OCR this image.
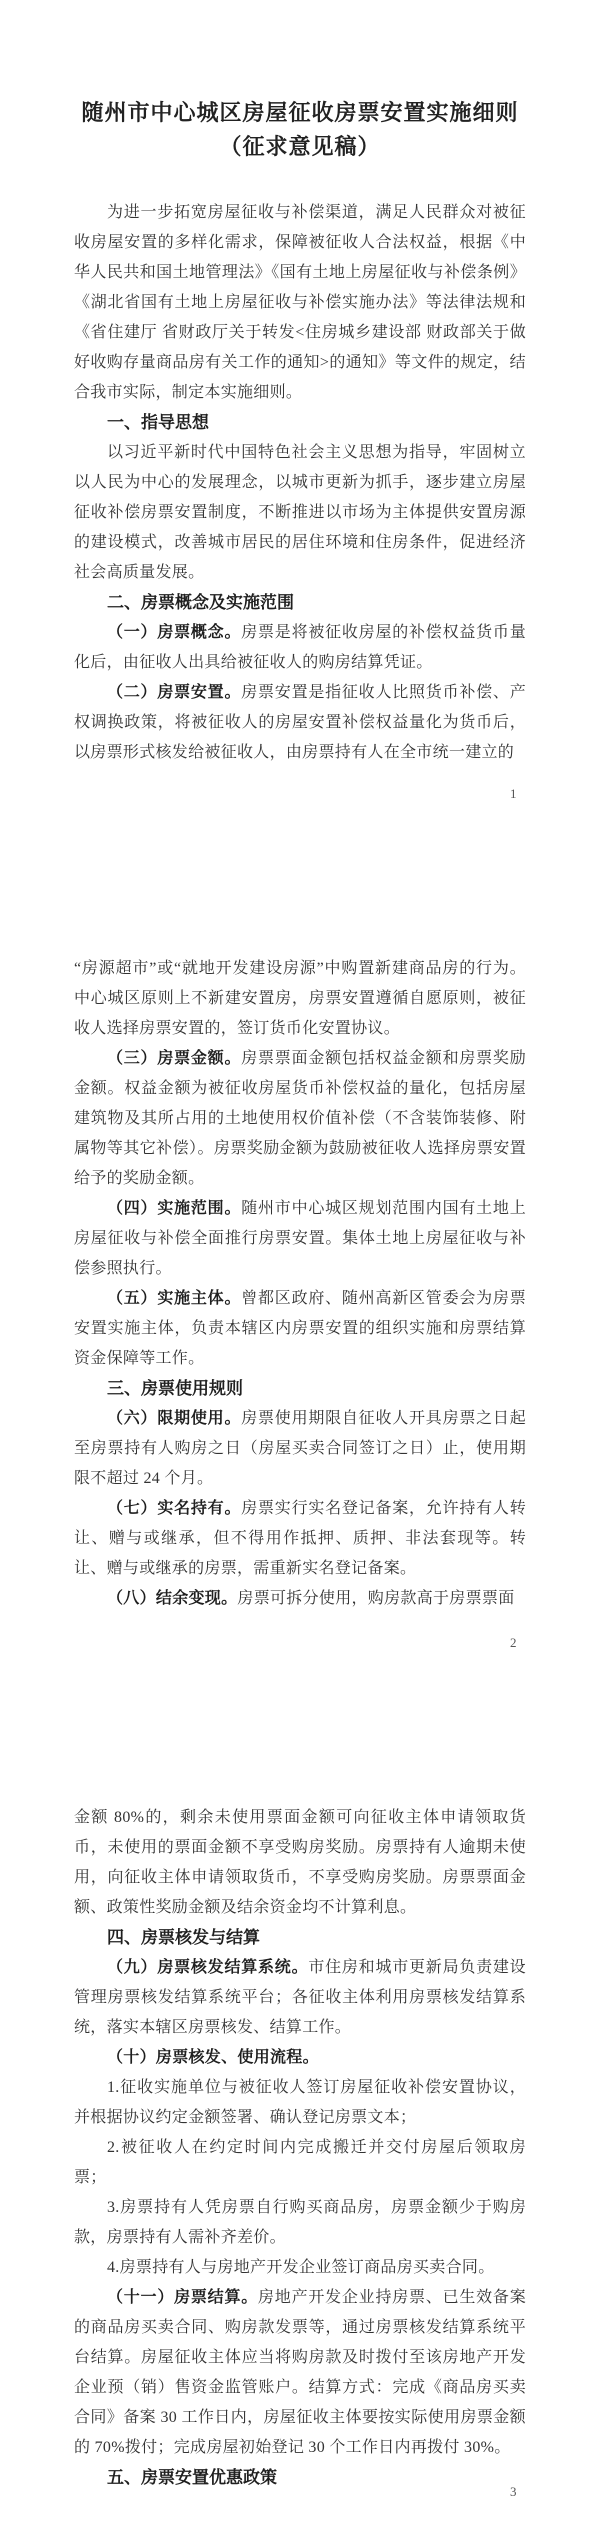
随州市中心城区房屋征收房票安置实施细则
（征求意见稿）

为进一步拓宽房屋征收与补偿渠道，满足人民群众对被征收房屋安置的多样化需求，保障被征收人合法权益，根据《中华人民共和国土地管理法》《国有土地上房屋征收与补偿条例》《湖北省国有土地上房屋征收与补偿实施办法》等法律法规和《省住建厅 省财政厅关于转发<住房城乡建设部 财政部关于做好收购存量商品房有关工作的通知>的通知》等文件的规定，结合我市实际，制定本实施细则。

一、指导思想

以习近平新时代中国特色社会主义思想为指导，牢固树立以人民为中心的发展理念，以城市更新为抓手，逐步建立房屋征收补偿房票安置制度，不断推进以市场为主体提供安置房源的建设模式，改善城市居民的居住环境和住房条件，促进经济社会高质量发展。

二、房票概念及实施范围

（一）房票概念。房票是将被征收房屋的补偿权益货币量化后，由征收人出具给被征收人的购房结算凭证。

（二）房票安置。房票安置是指征收人比照货币补偿、产权调换政策，将被征收人的房屋安置补偿权益量化为货币后，以房票形式核发给被征收人，由房票持有人在全市统一建立的

1

“房源超市”或“就地开发建设房源”中购置新建商品房的行为。中心城区原则上不新建安置房，房票安置遵循自愿原则，被征收人选择房票安置的，签订货币化安置协议。

（三）房票金额。房票票面金额包括权益金额和房票奖励金额。权益金额为被征收房屋货币补偿权益的量化，包括房屋建筑物及其所占用的土地使用权价值补偿（不含装饰装修、附属物等其它补偿）。房票奖励金额为鼓励被征收人选择房票安置给予的奖励金额。

（四）实施范围。随州市中心城区规划范围内国有土地上房屋征收与补偿全面推行房票安置。集体土地上房屋征收与补偿参照执行。

（五）实施主体。曾都区政府、随州高新区管委会为房票安置实施主体，负责本辖区内房票安置的组织实施和房票结算资金保障等工作。

三、房票使用规则

（六）限期使用。房票使用期限自征收人开具房票之日起至房票持有人购房之日（房屋买卖合同签订之日）止，使用期限不超过 24 个月。

（七）实名持有。房票实行实名登记备案，允许持有人转让、赠与或继承，但不得用作抵押、质押、非法套现等。转让、赠与或继承的房票，需重新实名登记备案。

（八）结余变现。房票可拆分使用，购房款高于房票票面

2

金额 80%的，剩余未使用票面金额可向征收主体申请领取货币，未使用的票面金额不享受购房奖励。房票持有人逾期未使用，向征收主体申请领取货币，不享受购房奖励。房票票面金额、政策性奖励金额及结余资金均不计算利息。

四、房票核发与结算

（九）房票核发结算系统。市住房和城市更新局负责建设管理房票核发结算系统平台；各征收主体利用房票核发结算系统，落实本辖区房票核发、结算工作。

（十）房票核发、使用流程。

1.征收实施单位与被征收人签订房屋征收补偿安置协议，并根据协议约定金额签署、确认登记房票文本；

2.被征收人在约定时间内完成搬迁并交付房屋后领取房票；

3.房票持有人凭房票自行购买商品房，房票金额少于购房款，房票持有人需补齐差价。

4.房票持有人与房地产开发企业签订商品房买卖合同。

（十一）房票结算。房地产开发企业持房票、已生效备案的商品房买卖合同、购房款发票等，通过房票核发结算系统平台结算。房屋征收主体应当将购房款及时拨付至该房地产开发企业预（销）售资金监管账户。结算方式：完成《商品房买卖合同》备案 30 工作日内，房屋征收主体要按实际使用房票金额的 70%拨付；完成房屋初始登记 30 个工作日内再拨付 30%。

五、房票安置优惠政策
3
